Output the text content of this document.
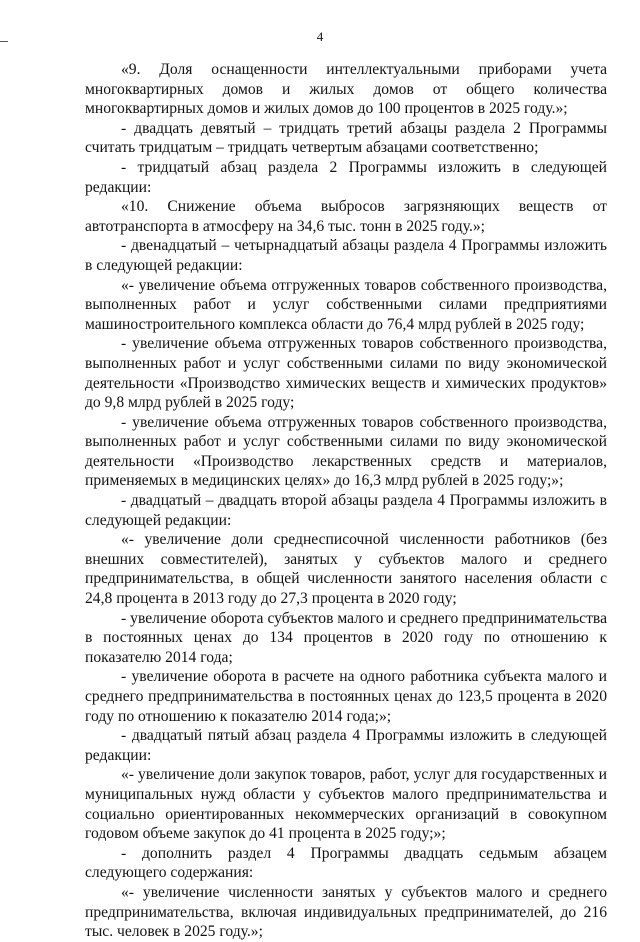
4

«9. Доля оснащенности интеллектуальными приборами учета многоквартирных домов и жилых домов от общего количества многоквартирных домов и жилых домов до 100 процентов в 2025 году.»;

- двадцать девятый – тридцать третий абзацы раздела 2 Программы считать тридцатым – тридцать четвертым абзацами соответственно;

- тридцатый абзац раздела 2 Программы изложить в следующей редакции:

«10. Снижение объема выбросов загрязняющих веществ от автотранспорта в атмосферу на 34,6 тыс. тонн в 2025 году.»;

- двенадцатый – четырнадцатый абзацы раздела 4 Программы изложить в следующей редакции:

«- увеличение объема отгруженных товаров собственного производства, выполненных работ и услуг собственными силами предприятиями машиностроительного комплекса области до 76,4 млрд рублей в 2025 году;

- увеличение объема отгруженных товаров собственного производства, выполненных работ и услуг собственными силами по виду экономической деятельности «Производство химических веществ и химических продуктов» до 9,8 млрд рублей в 2025 году;

- увеличение объема отгруженных товаров собственного производства, выполненных работ и услуг собственными силами по виду экономической деятельности «Производство лекарственных средств и материалов, применяемых в медицинских целях» до 16,3 млрд рублей в 2025 году;»;

- двадцатый – двадцать второй абзацы раздела 4 Программы изложить в следующей редакции:

«- увеличение доли среднесписочной численности работников (без внешних совместителей), занятых у субъектов малого и среднего предпринимательства, в общей численности занятого населения области с 24,8 процента в 2013 году до 27,3 процента в 2020 году;

- увеличение оборота субъектов малого и среднего предпринимательства в постоянных ценах до 134 процентов в 2020 году по отношению к показателю 2014 года;

- увеличение оборота в расчете на одного работника субъекта малого и среднего предпринимательства в постоянных ценах до 123,5 процента в 2020 году по отношению к показателю 2014 года;»;

- двадцатый пятый абзац раздела 4 Программы изложить в следующей редакции:

«- увеличение доли закупок товаров, работ, услуг для государственных и муниципальных нужд области у субъектов малого предпринимательства и социально ориентированных некоммерческих организаций в совокупном годовом объеме закупок до 41 процента в 2025 году;»;

- дополнить раздел 4 Программы двадцать седьмым абзацем следующего содержания:

«- увеличение численности занятых у субъектов малого и среднего предпринимательства, включая индивидуальных предпринимателей, до 216 тыс. человек в 2025 году.»;
